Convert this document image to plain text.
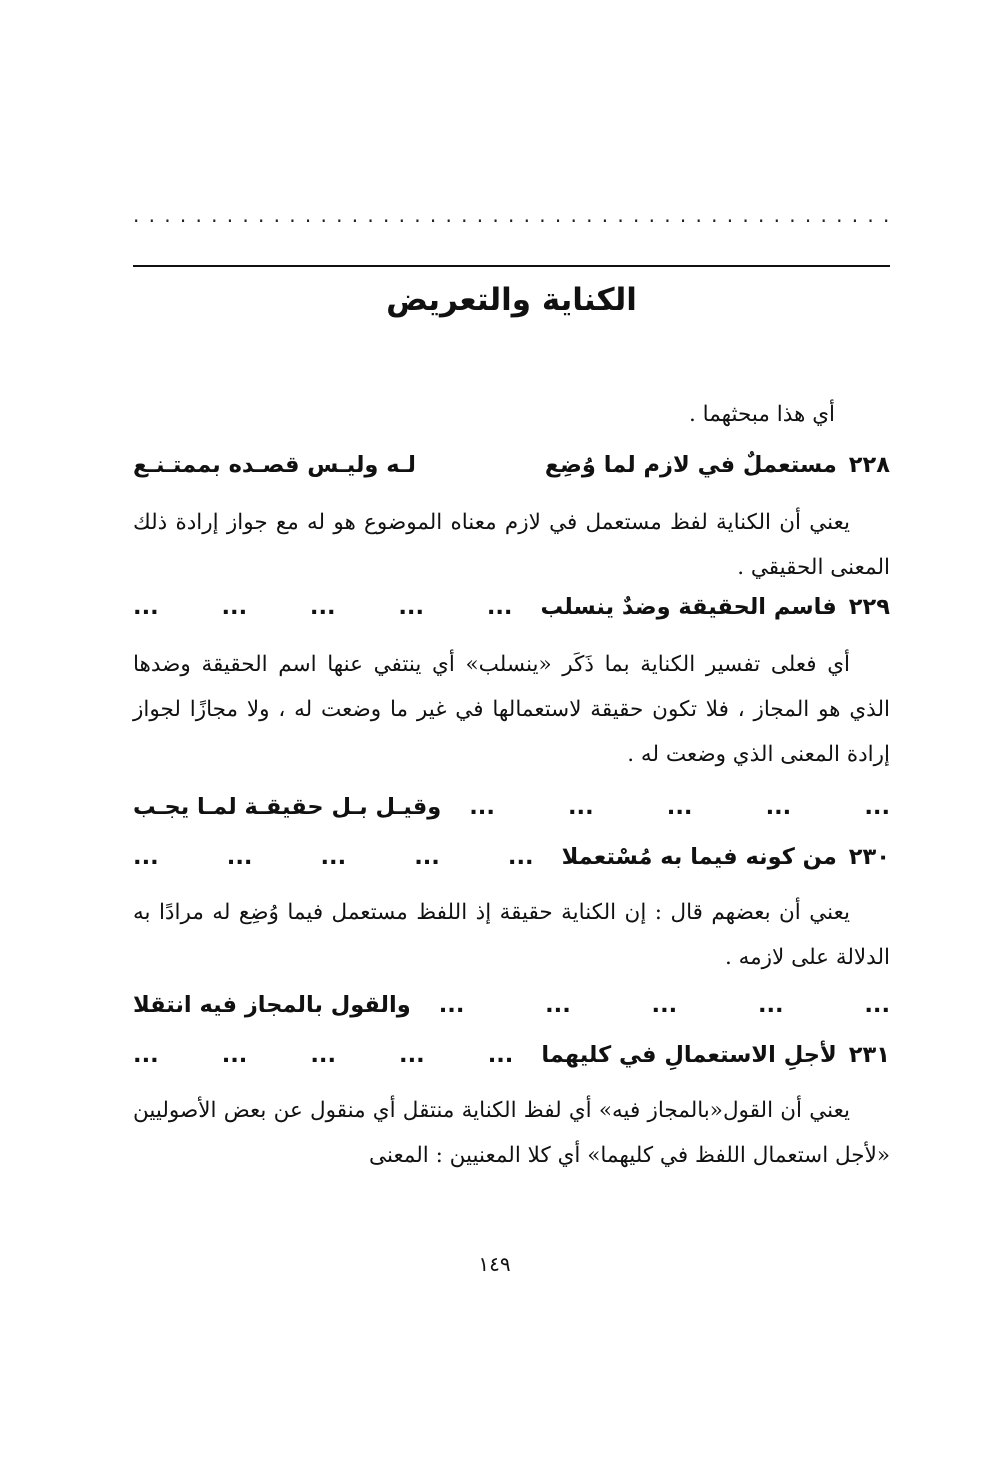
. . . . . . . . . . . . . . . . . . . . . . . . . . . . . . . . . . . . . . . . . . . . . . . . .
الكناية والتعريض

أي هذا مبحثهما .

٢٢٨مستعملٌ في لازم لما وُضِع
لـه وليـس قصـده بممتـنـع

يعني أن الكناية لفظ مستعمل في لازم معناه الموضوع هو له مع جواز إرادة ذلك المعنى الحقيقي .

٢٢٩فاسم الحقيقة وضدٌ ينسلب
...
...
...
...
...

أي فعلى تفسير الكناية بما ذَكَر «ينسلب» أي ينتفي عنها اسم الحقيقة وضدها الذي هو المجاز ، فلا تكون حقيقة لاستعمالها في غير ما وضعت له ، ولا مجازًا لجواز إرادة المعنى الذي وضعت له .

...
...
...
...
...
وقيـل بـل حقيقـة لمـا يجـب
٢٣٠من كونه فيما به مُسْتعملا
...
...
...
...
...

يعني أن بعضهم قال : إن الكناية حقيقة إذ اللفظ مستعمل فيما وُضِع له مرادًا به الدلالة على لازمه .

...
...
...
...
...
والقول بالمجاز فيه انتقلا
٢٣١لأجلِ الاستعمالِ في كليهما
...
...
...
...
...

يعني أن القول«بالمجاز فيه» أي لفظ الكناية منتقل أي منقول عن بعض الأصوليين «لأجل استعمال اللفظ في كليهما» أي كلا المعنيين : المعنى

١٤٩
